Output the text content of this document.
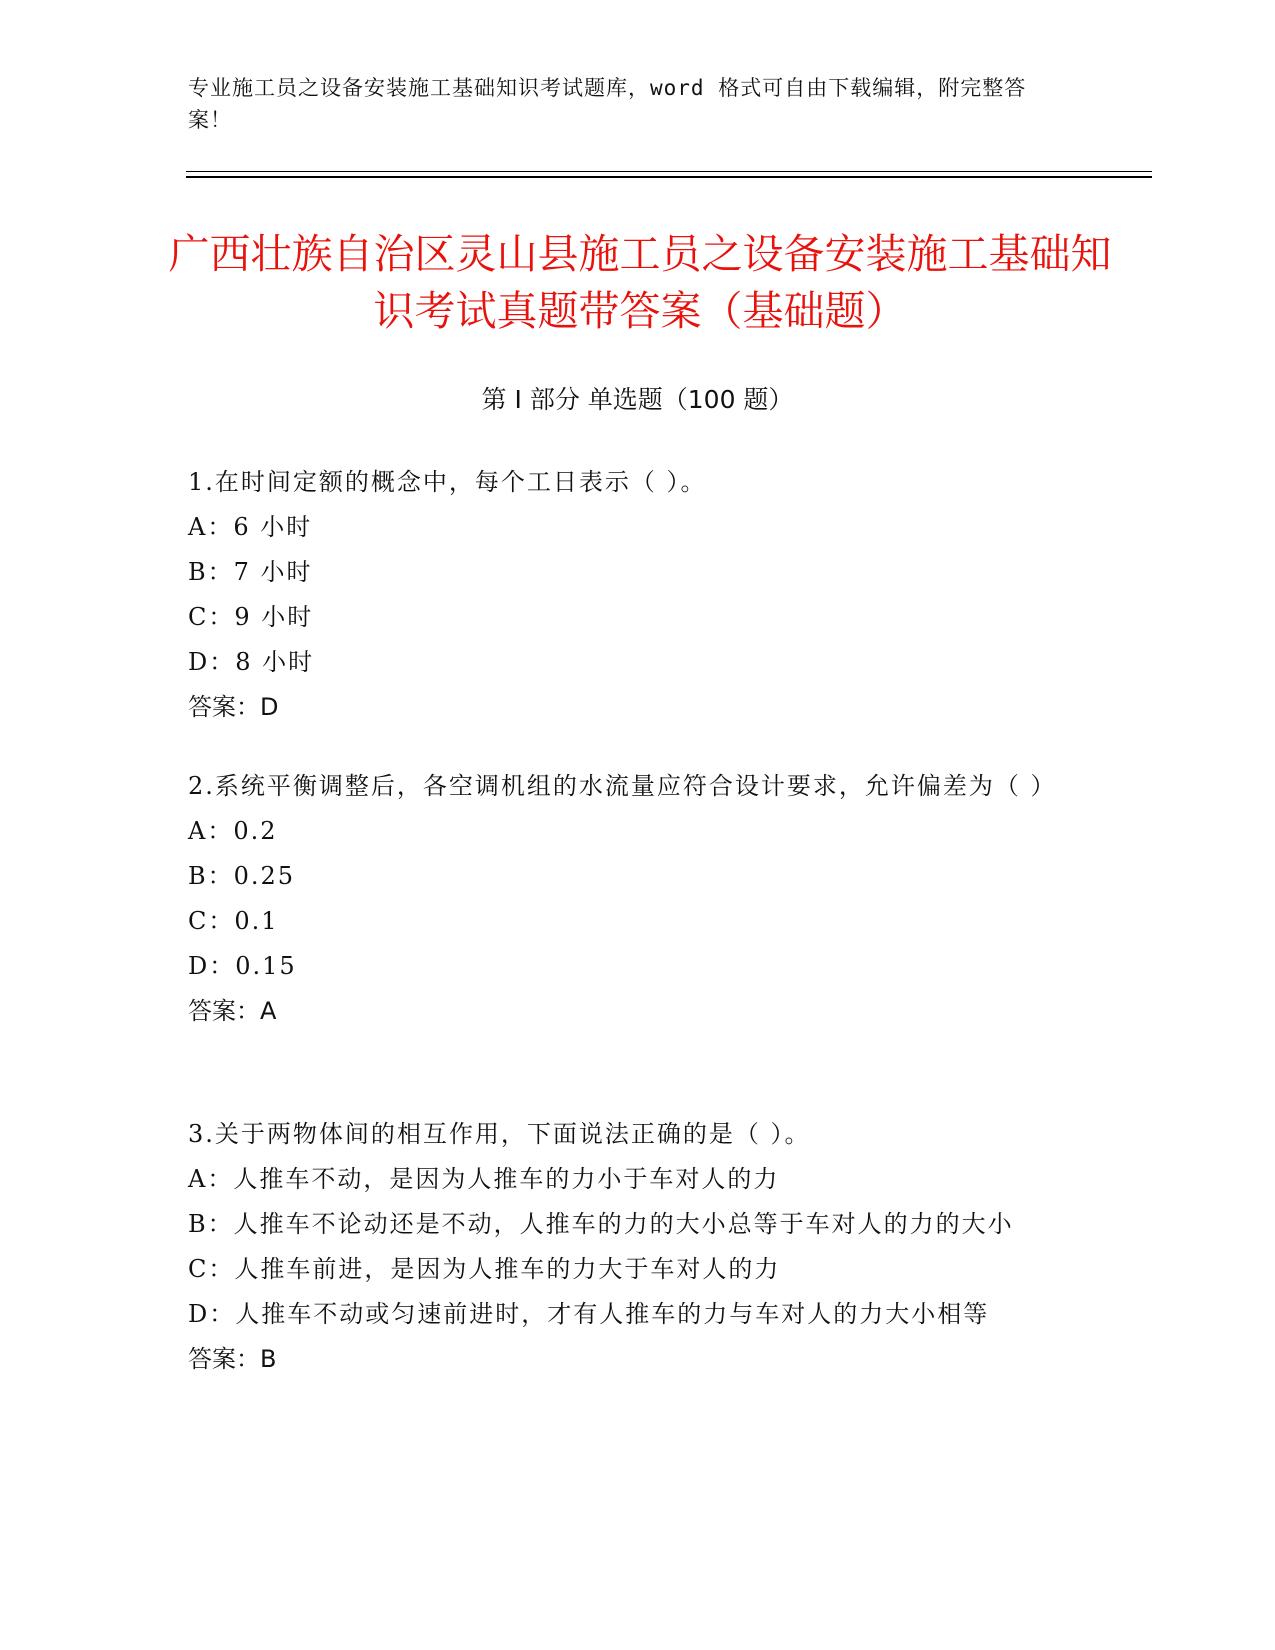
专业施工员之设备安装施工基础知识考试题库，word 格式可自由下载编辑，附完整答案！
广西壮族自治区灵山县施工员之设备安装施工基础知识考试真题带答案（基础题）
第 I 部分 单选题（100 题）
1.在时间定额的概念中，每个工日表示（ ）。
A：6 小时
B：7 小时
C：9 小时
D：8 小时
答案：D
2.系统平衡调整后，各空调机组的水流量应符合设计要求，允许偏差为（ ）
A：0.2
B：0.25
C：0.1
D：0.15
答案：A
3.关于两物体间的相互作用，下面说法正确的是（ ）。
A：人推车不动，是因为人推车的力小于车对人的力
B：人推车不论动还是不动，人推车的力的大小总等于车对人的力的大小
C：人推车前进，是因为人推车的力大于车对人的力
D：人推车不动或匀速前进时，才有人推车的力与车对人的力大小相等
答案：B
